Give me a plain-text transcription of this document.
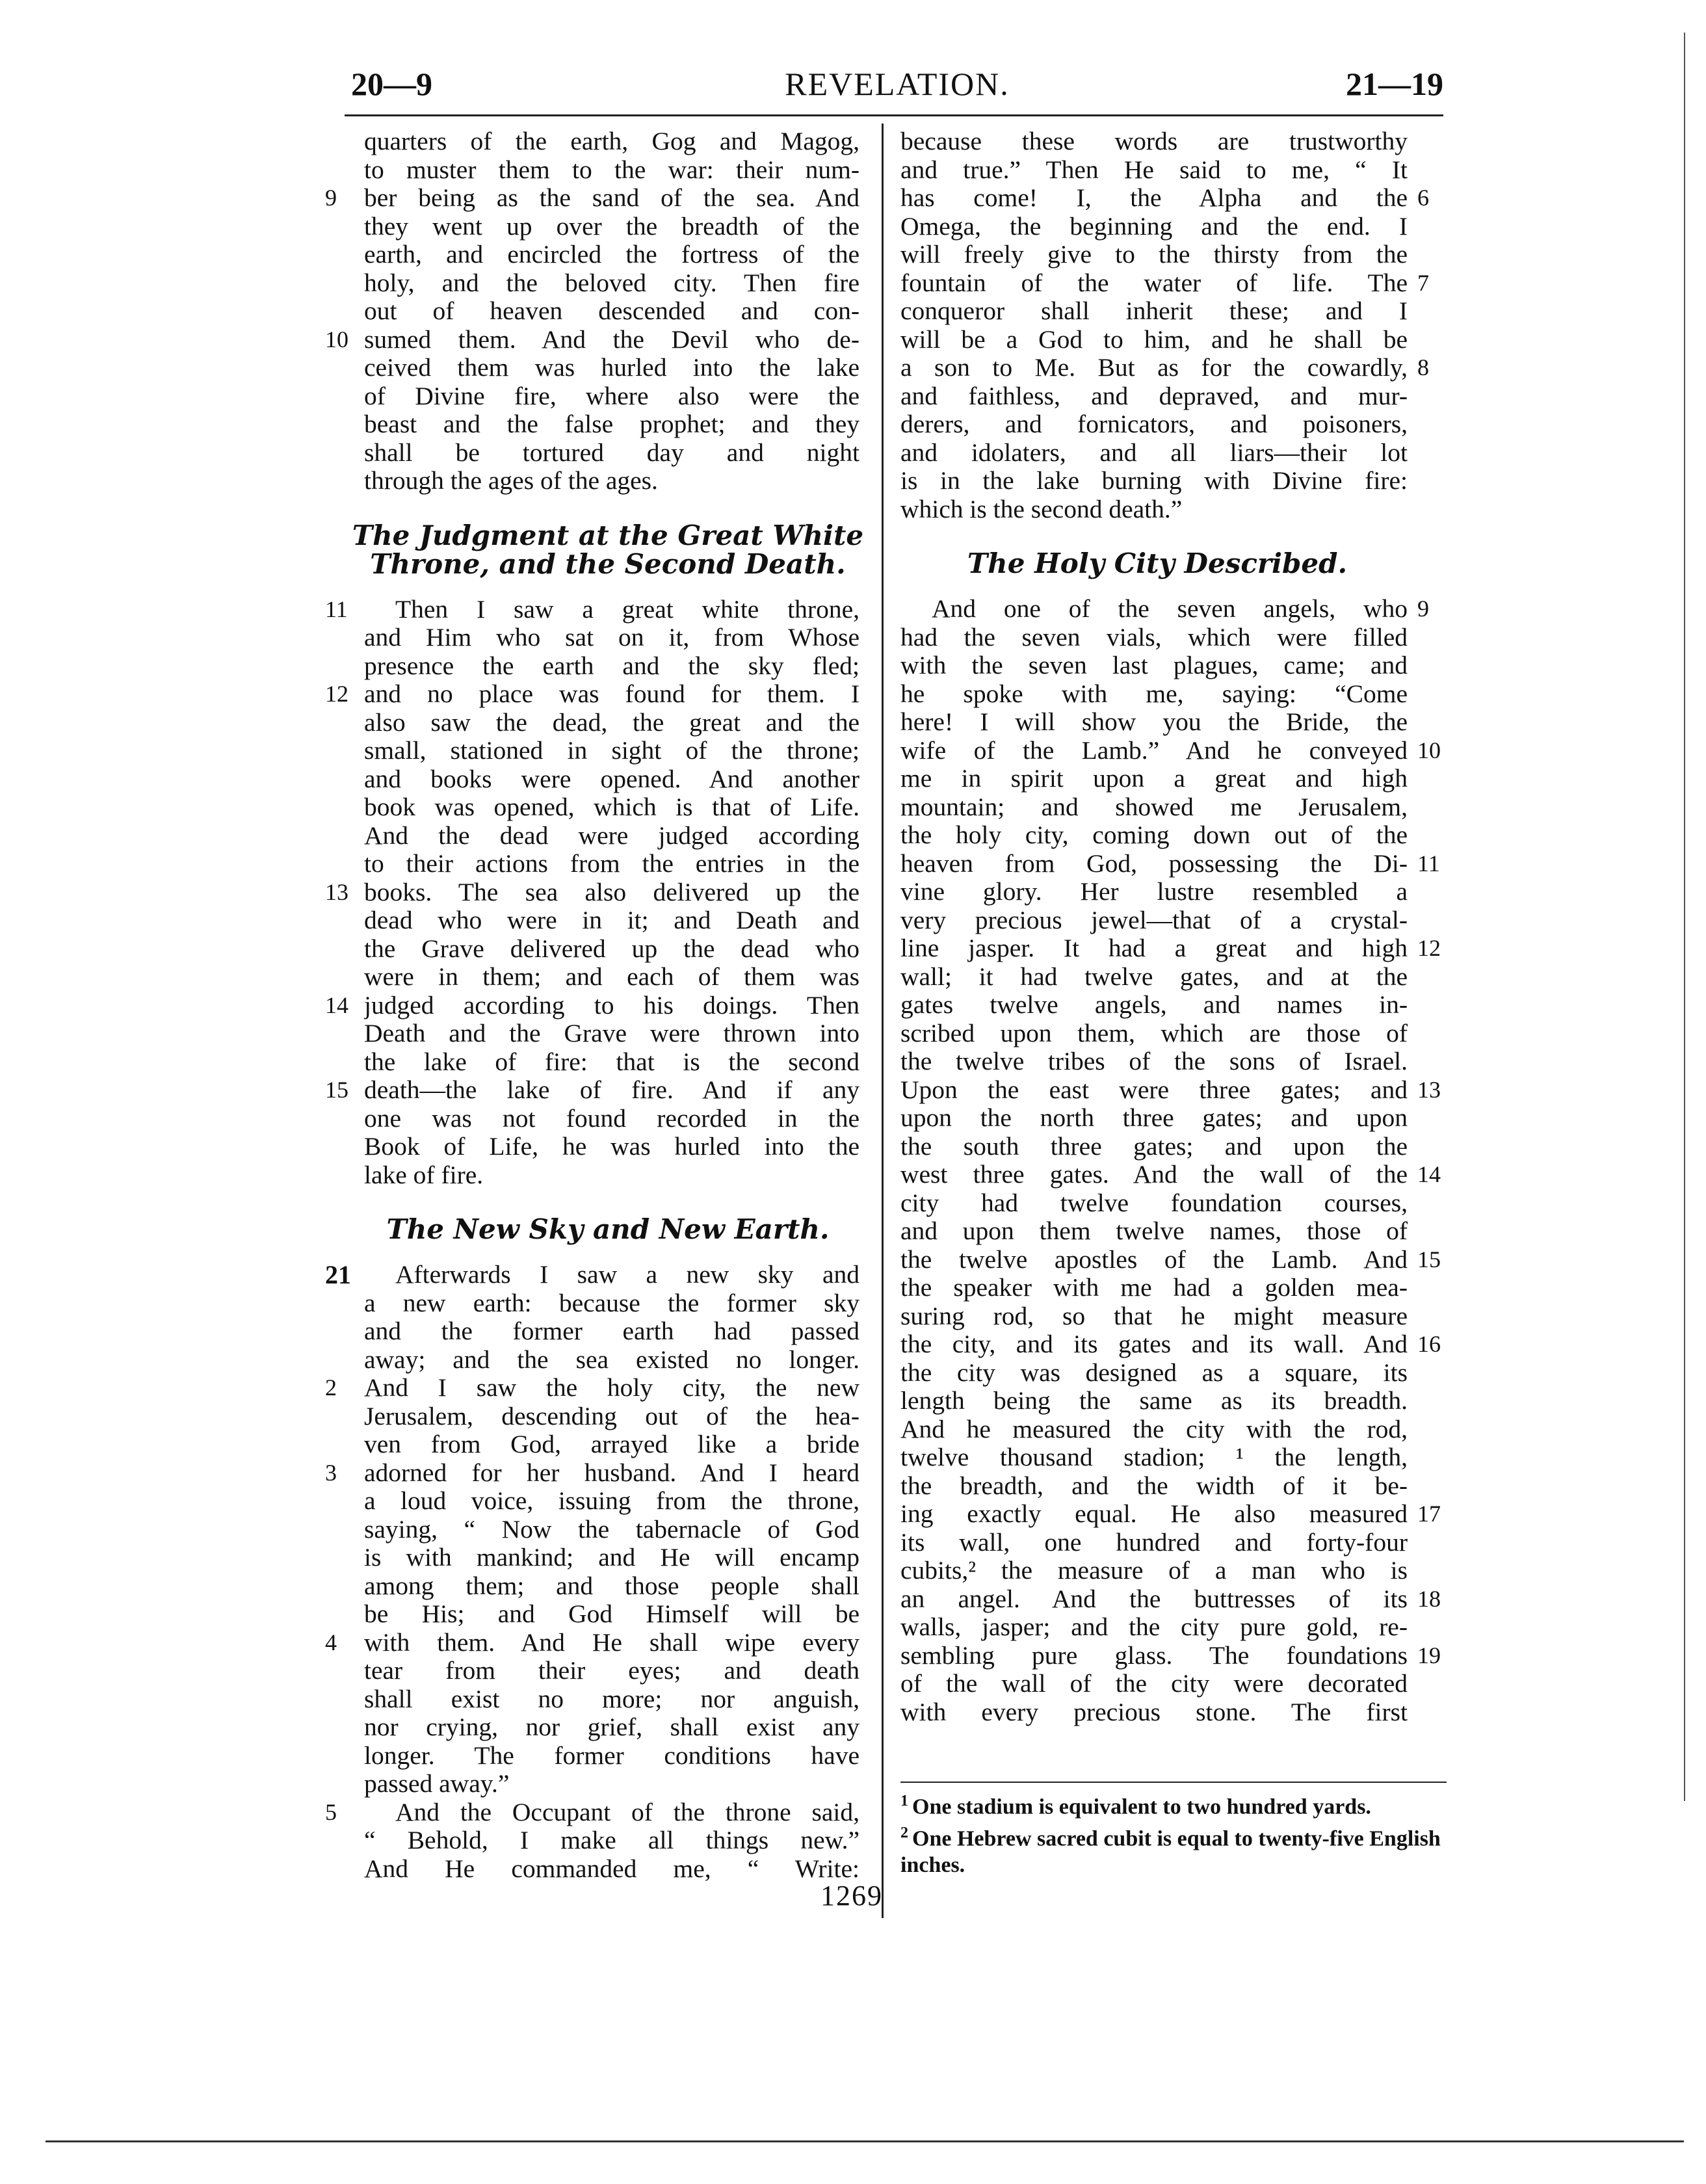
20—9	REVELATION.	21—19
quarters of the earth, Gog and Magog,
to muster them to the war: their num-
9	ber being as the sand of the sea. And
they went up over the breadth of the
earth, and encircled the fortress of the
holy, and the beloved city. Then fire
out of heaven descended and con-
10 sumed them. And the Devil who de-
ceived them was hurled into the lake
of Divine fire, where also were the
beast and the false prophet; and they
shall be tortured day and night
through the ages of the ages.
The Judgment at the Great White
Throne, and the Second Death.
11	Then I saw a great white throne,
and Him who sat on it, from Whose
presence the earth and the sky fled;
12 and no place was found for them. I
also saw the dead, the great and the
small, stationed in sight of the throne;
and books were opened. And another
book was opened, which is that of Life.
And the dead were judged according
to their actions from the entries in the
13 books. The sea also delivered up the
dead who were in it; and Death and
the Grave delivered up the dead who
were in them; and each of them was
14 judged according to his doings. Then
Death and the Grave were thrown into
the lake of fire: that is the second
15 death—the lake of fire. And if any
one was not found recorded in the
Book of Life, he was hurled into the
lake of fire.
The New Sky and New Earth.
21	Afterwards I saw a new sky and
a new earth: because the former sky
and the former earth had passed
away; and the sea existed no longer.
2	And I saw the holy city, the new
Jerusalem, descending out of the hea-
ven from God, arrayed like a bride
3	adorned for her husband. And I heard
a loud voice, issuing from the throne,
saying, “ Now the tabernacle of God
is with mankind; and He will encamp
among them; and those people shall
be His; and God Himself will be
4	with them. And He shall wipe every
tear from their eyes; and death
shall exist no more; nor anguish,
nor crying, nor grief, shall exist any
longer. The former conditions have
passed away.”
5	And the Occupant of the throne said,
“ Behold, I make all things new.”
And He commanded me, “ Write:
because these words are trustworthy
and true.” Then He said to me, “ It
6
has come! I, the Alpha and the
Omega, the beginning and the end. I
will freely give to the thirsty from the
7
fountain of the water of life. The
conqueror shall inherit these; and I
will be a God to him, and he shall be
8
a son to Me. But as for the cowardly,
and faithless, and depraved, and mur-
derers, and fornicators, and poisoners,
and idolaters, and all liars—their lot
is in the lake burning with Divine fire:
which is the second death.”
The Holy City Described.
9
And one of the seven angels, who
had the seven vials, which were filled
with the seven last plagues, came; and
he spoke with me, saying: “Come
here! I will show you the Bride, the
10
wife of the Lamb.” And he conveyed
me in spirit upon a great and high
mountain; and showed me Jerusalem,
the holy city, coming down out of the
11
heaven from God, possessing the Di-
vine glory. Her lustre resembled a
very precious jewel—that of a crystal-
12
line jasper. It had a great and high
wall; it had twelve gates, and at the
gates twelve angels, and names in-
scribed upon them, which are those of
the twelve tribes of the sons of Israel.
13
Upon the east were three gates; and
upon the north three gates; and upon
the south three gates; and upon the
14
west three gates. And the wall of the
city had twelve foundation courses,
and upon them twelve names, those of
15
the twelve apostles of the Lamb. And
the speaker with me had a golden mea-
suring rod, so that he might measure
16
the city, and its gates and its wall. And
the city was designed as a square, its
length being the same as its breadth.
And he measured the city with the rod,
twelve thousand stadion; ¹ the length,
the breadth, and the width of it be-
17
ing exactly equal. He also measured
its wall, one hundred and forty-four
cubits,² the measure of a man who is
18
an angel. And the buttresses of its
walls, jasper; and the city pure gold, re-
19
sembling pure glass. The foundations
of the wall of the city were decorated
with every precious stone. The first
$^1$ One stadium is equivalent to two hundred yards.
$^2$ One Hebrew sacred cubit is equal to twenty-five English inches.
1269
